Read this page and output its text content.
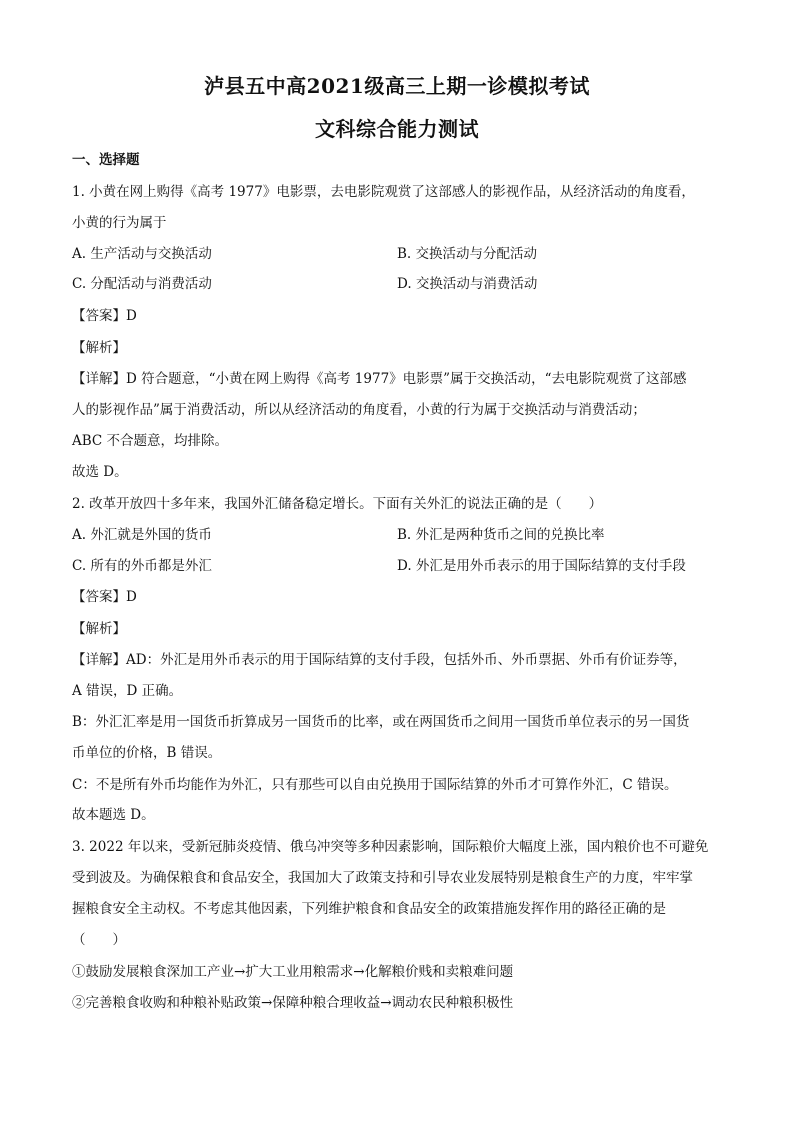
泸县五中高2021级高三上期一诊模拟考试
文科综合能力测试
一、选择题
1. 小黄在网上购得《高考 1977》电影票，去电影院观赏了这部感人的影视作品，从经济活动的角度看，
小黄的行为属于
A. 生产活动与交换活动	B. 交换活动与分配活动
C. 分配活动与消费活动	D. 交换活动与消费活动
【答案】D
【解析】
【详解】D 符合题意，“小黄在网上购得《高考 1977》电影票”属于交换活动，“去电影院观赏了这部感
人的影视作品”属于消费活动，所以从经济活动的角度看，小黄的行为属于交换活动与消费活动；
ABC 不合题意，均排除。
故选 D。
2. 改革开放四十多年来，我国外汇储备稳定增长。下面有关外汇的说法正确的是（　　）
A. 外汇就是外国的货币	B. 外汇是两种货币之间的兑换比率
C. 所有的外币都是外汇	D. 外汇是用外币表示的用于国际结算的支付手段
【答案】D
【解析】
【详解】AD：外汇是用外币表示的用于国际结算的支付手段，包括外币、外币票据、外币有价证券等，
A 错误，D 正确。
B：外汇汇率是用一国货币折算成另一国货币的比率，或在两国货币之间用一国货币单位表示的另一国货
币单位的价格，B 错误。
C：不是所有外币均能作为外汇，只有那些可以自由兑换用于国际结算的外币才可算作外汇，C 错误。
故本题选 D。
3. 2022 年以来，受新冠肺炎疫情、俄乌冲突等多种因素影响，国际粮价大幅度上涨，国内粮价也不可避免
受到波及。为确保粮食和食品安全，我国加大了政策支持和引导农业发展特别是粮食生产的力度，牢牢掌
握粮食安全主动权。不考虑其他因素，下列维护粮食和食品安全的政策措施发挥作用的路径正确的是
（　　）
①鼓励发展粮食深加工产业→扩大工业用粮需求→化解粮价贱和卖粮难问题
②完善粮食收购和种粮补贴政策→保障种粮合理收益→调动农民种粮积极性
